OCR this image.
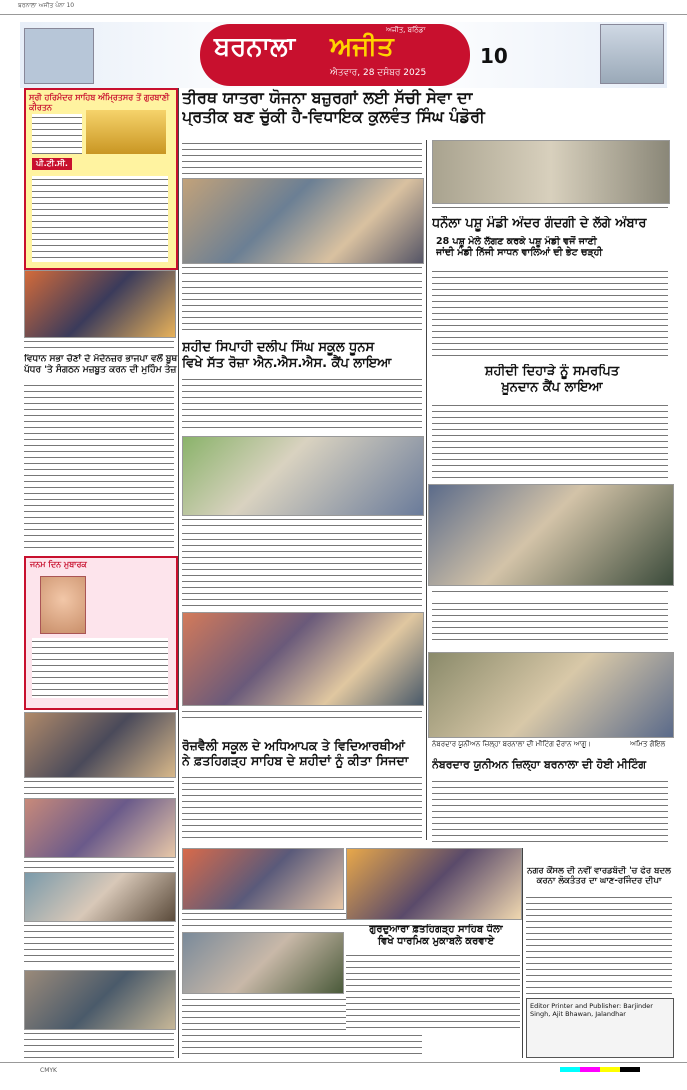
ਬਰਨਾਲਾ ਅਜੀਤ ਪੰਨਾ 10
10
ਬਰਨਾਲਾ ਅਜੀਤ
ਅਜੀਤ, ਬਠਿੰਡਾ
ਐਤਵਾਰ, 28 ਦਸੰਬਰ 2025
ਸ੍ਰੀ ਹਰਿਮੰਦਰ ਸਾਹਿਬ ਅੰਮ੍ਰਿਤਸਰ ਤੋਂ ਗੁਰਬਾਣੀ ਕੀਰਤਨ
ਪੀ.ਟੀ.ਸੀ.
ਤੀਰਥ ਯਾਤਰਾ ਯੋਜਨਾ ਬਜ਼ੁਰਗਾਂ ਲਈ ਸੱਚੀ ਸੇਵਾ ਦਾ
ਪ੍ਰਤੀਕ ਬਣ ਚੁੱਕੀ ਹੈ-ਵਿਧਾਇਕ ਕੁਲਵੰਤ ਸਿੰਘ ਪੰਡੋਰੀ
ਧਨੌਲਾ ਪਸ਼ੂ ਮੰਡੀ ਅੰਦਰ ਗੰਦਗੀ ਦੇ ਲੱਗੇ ਅੰਬਾਰ
28 ਪਸ਼ੂ ਮੇਲੇ ਲੱਗਣ ਕਰਕੇ ਪਸ਼ੂ ਮੰਡੀ ਵਜੋਂ ਜਾਣੀ
ਜਾਂਦੀ ਮੰਡੀ ਨਿੱਜੀ ਸਾਧਨ ਵਾਲਿਆਂ ਦੀ ਭੇਟ ਚੜ੍ਹੀ
ਵਿਧਾਨ ਸਭਾ ਚੋਣਾਂ ਦੇ ਮੱਦੇਨਜ਼ਰ ਭਾਜਪਾ ਵਲੋਂ ਬੂਥ
ਪੱਧਰ 'ਤੇ ਸੰਗਠਨ ਮਜ਼ਬੂਤ ਕਰਨ ਦੀ ਮੁਹਿੰਮ ਤੇਜ਼
ਸ਼ਹੀਦ ਸਿਪਾਹੀ ਦਲੀਪ ਸਿੰਘ ਸਕੂਲ ਧੂਨਸ
ਵਿਖੇ ਸੱਤ ਰੋਜ਼ਾ ਐਨ.ਐਸ.ਐਸ. ਕੈਂਪ ਲਾਇਆ
ਸ਼ਹੀਦੀ ਦਿਹਾੜੇ ਨੂੰ ਸਮਰਪਿਤ
ਖ਼ੂਨਦਾਨ ਕੈਂਪ ਲਾਇਆ
ਜਨਮ ਦਿਨ ਮੁਬਾਰਕ
ਰੋਜ਼ਵੈਲੀ ਸਕੂਲ ਦੇ ਅਧਿਆਪਕ ਤੇ ਵਿਦਿਆਰਥੀਆਂ
ਨੇ ਫ਼ਤਹਿਗੜ੍ਹ ਸਾਹਿਬ ਦੇ ਸ਼ਹੀਦਾਂ ਨੂੰ ਕੀਤਾ ਸਿਜਦਾ
ਨੰਬਰਦਾਰ ਯੂਨੀਅਨ ਜ਼ਿਲ੍ਹਾ ਬਰਨਾਲਾ ਦੀ ਮੀਟਿੰਗ ਦੌਰਾਨ ਆਗੂ।	ਅਮਿਤ ਗੋਇਲ
ਨੰਬਰਦਾਰ ਯੂਨੀਅਨ ਜ਼ਿਲ੍ਹਾ ਬਰਨਾਲਾ ਦੀ ਹੋਈ ਮੀਟਿੰਗ
ਗੁਰਦੁਆਰਾ ਫ਼ਤਹਿਗੜ੍ਹ ਸਾਹਿਬ ਧੌਲਾ
ਵਿਖੇ ਧਾਰਮਿਕ ਮੁਕਾਬਲੇ ਕਰਵਾਏ
ਨਗਰ ਕੌਂਸਲ ਦੀ ਨਵੀਂ ਵਾਰਡਬੰਦੀ 'ਚ ਫੇਰ ਬਦਲ
ਕਰਨਾ ਲੋਕਤੰਤਰ ਦਾ ਘਾਣ-ਰਜਿੰਦਰ ਦੀਪਾ
Editor Printer and Publisher: Barjinder Singh, Ajit Bhawan, Jalandhar
CMYK
